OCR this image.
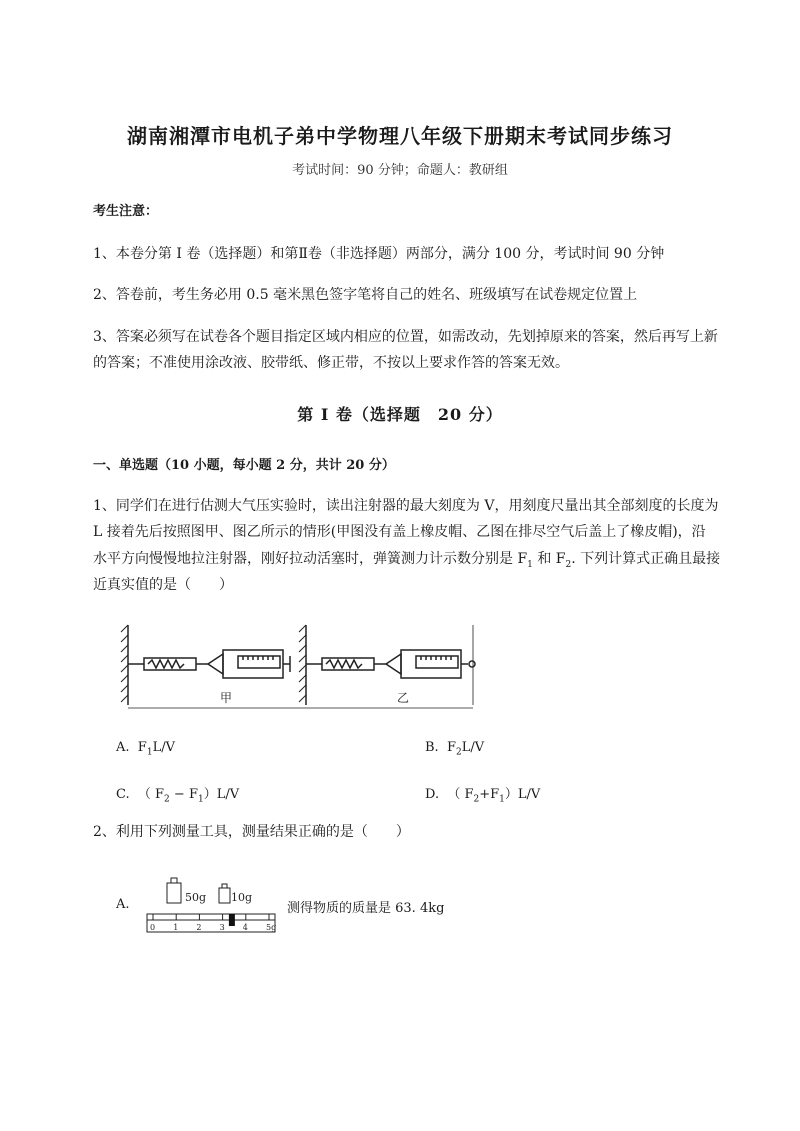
湖南湘潭市电机子弟中学物理八年级下册期末考试同步练习
考试时间：90 分钟；命题人：教研组
考生注意：
1、本卷分第 I 卷（选择题）和第Ⅱ卷（非选择题）两部分，满分 100 分，考试时间 90 分钟
2、答卷前，考生务必用 0.5 毫米黑色签字笔将自己的姓名、班级填写在试卷规定位置上
3、答案必须写在试卷各个题目指定区域内相应的位置，如需改动，先划掉原来的答案，然后再写上新
的答案；不准使用涂改液、胶带纸、修正带，不按以上要求作答的答案无效。
第 I 卷（选择题　20 分）
一、单选题（10 小题，每小题 2 分，共计 20 分）
1、同学们在进行估测大气压实验时，读出注射器的最大刻度为 V，用刻度尺量出其全部刻度的长度为
L 接着先后按照图甲、图乙所示的情形(甲图没有盖上橡皮帽、乙图在排尽空气后盖上了橡皮帽)，沿
水平方向慢慢地拉注射器，刚好拉动活塞时，弹簧测力计示数分别是 $F_1$ 和 $F_2$. 下列计算式正确且最接
近真实值的是（　　）
甲	乙
A. $F_1L/V$	B. $F_2L/V$
C. （ $F_2 - F_1)L/V$	D. （ $F_2+F_1)L/V$
2、利用下列测量工具，测量结果正确的是（　　）
A.	50g 10g
0 1 2 3 4 5g
测得物质的质量是 63. 4kg
